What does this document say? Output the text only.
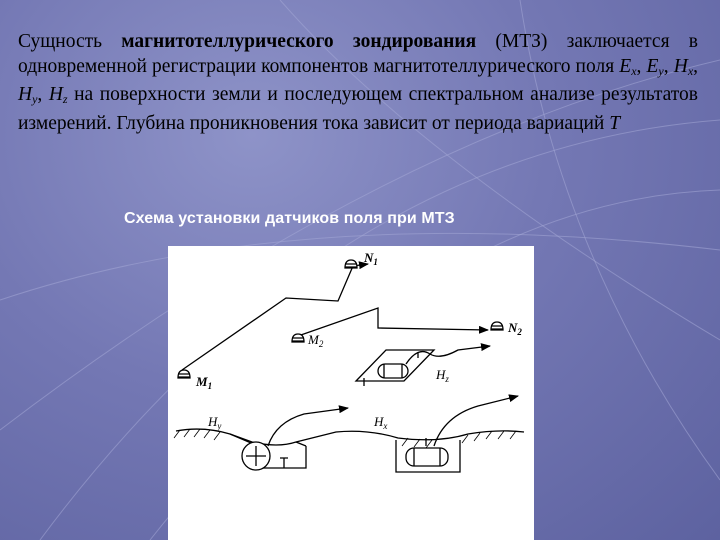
Сущность магнитотеллурического зондирования (МТЗ) заключается в одновременной регистрации компонентов магнитотеллурического поля $E_x$, $E_y$, $H_x$, $H_y$, $H_z$ на поверхности земли и последующем спектральном анализе результатов измерений. Глубина проникновения тока зависит от периода вариаций T
Схема установки датчиков поля при МТЗ
$N_1$
$N_2$
$M_1$
$M_2$
$H_z$
$H_y$	$H_x$
